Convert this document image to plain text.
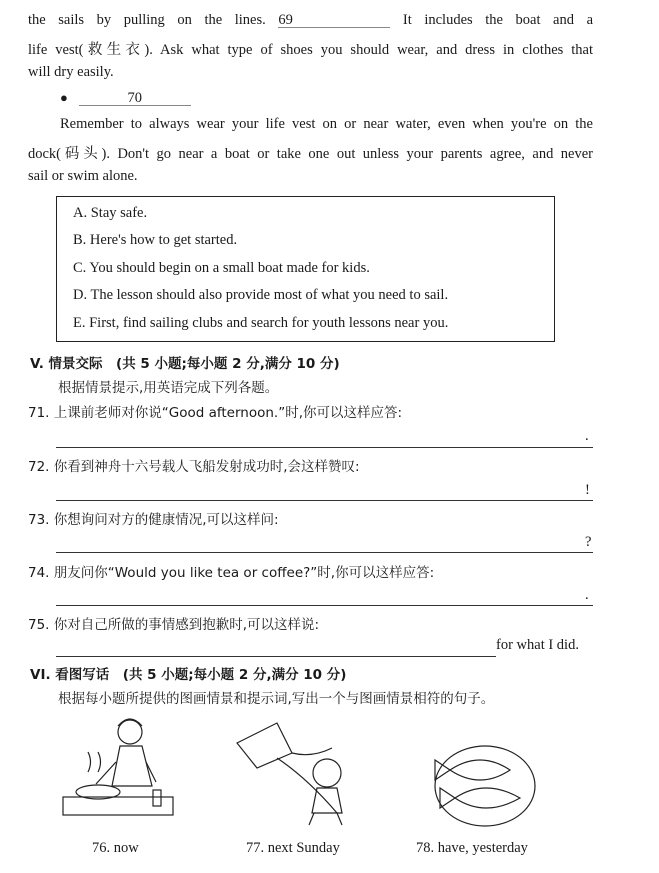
the sails by pulling on the lines. 69	It includes the boat and a
life vest(救生衣). Ask what type of shoes you should wear, and dress in clothes that
will dry easily.
●	70
Remember to always wear your life vest on or near water, even when you're on the
dock(码头). Don't go near a boat or take one out unless your parents agree, and never
sail or swim alone.
A. Stay safe.
B. Here's how to get started.
C. You should begin on a small boat made for kids.
D. The lesson should also provide most of what you need to sail.
E. First, find sailing clubs and search for youth lessons near you.
V. 情景交际　(共 5 小题;每小题 2 分,满分 10 分)
根据情景提示,用英语完成下列各题。
71. 上课前老师对你说“Good afternoon.”时,你可以这样应答:
.
72. 你看到神舟十六号载人飞船发射成功时,会这样赞叹:
!
73. 你想询问对方的健康情况,可以这样问:
?
74. 朋友问你“Would you like tea or coffee?”时,你可以这样应答:
.
75. 你对自己所做的事情感到抱歉时,可以这样说:
for what I did.
VI. 看图写话　(共 5 小题;每小题 2 分,满分 10 分)
根据每小题所提供的图画情景和提示词,写出一个与图画情景相符的句子。
76. now	77. next Sunday	78. have, yesterday
